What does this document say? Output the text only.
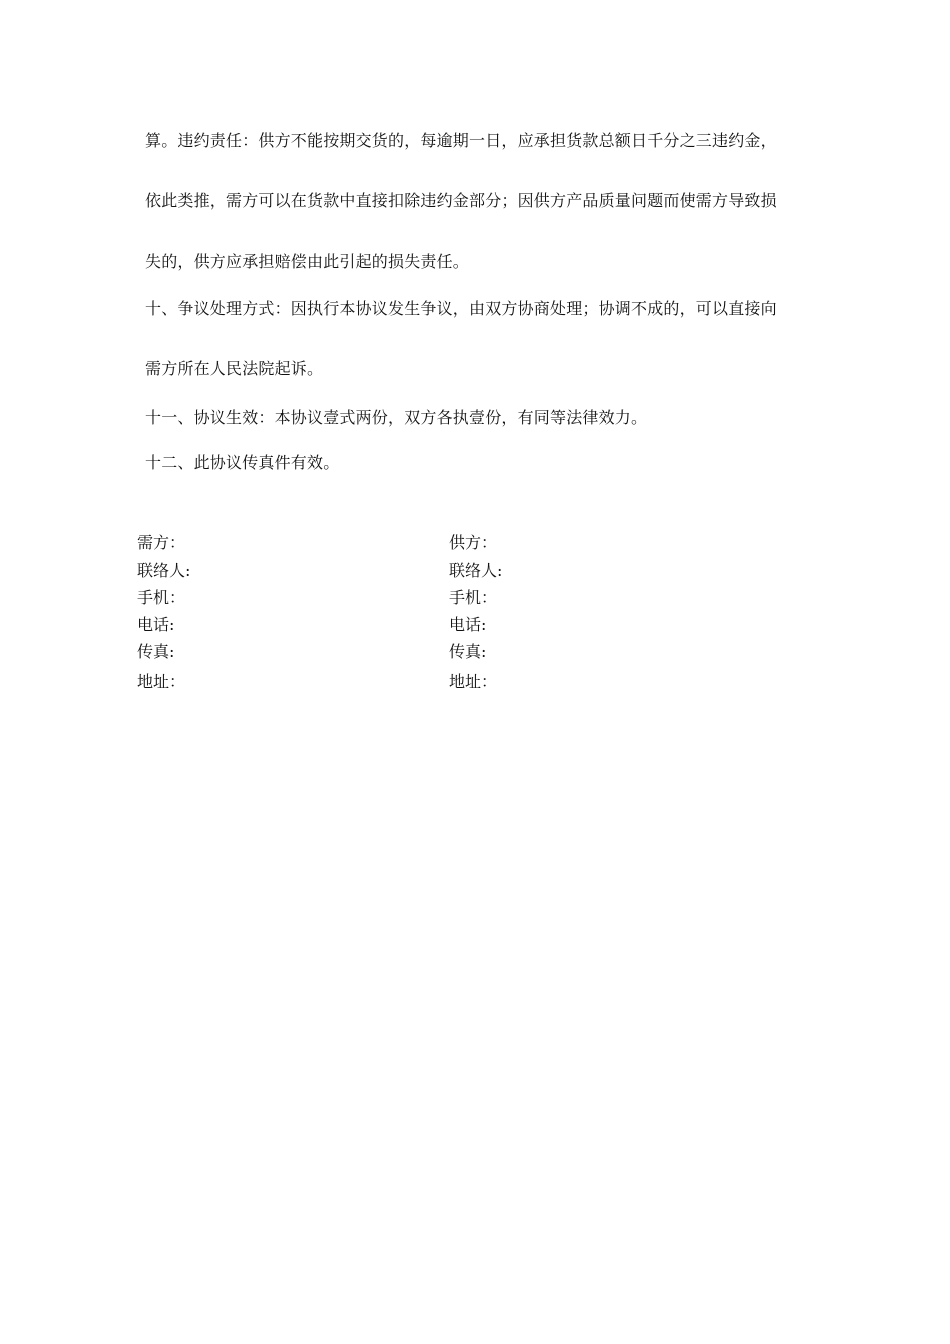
算。违约责任：供方不能按期交货的，每逾期一日，应承担货款总额日千分之三违约金，
依此类推，需方可以在货款中直接扣除违约金部分；因供方产品质量问题而使需方导致损
失的，供方应承担赔偿由此引起的损失责任。
十、争议处理方式：因执行本协议发生争议，由双方协商处理；协调不成的，可以直接向
需方所在人民法院起诉。
十一、协议生效：本协议壹式两份，双方各执壹份，有同等法律效力。
十二、此协议传真件有效。
需方：
联络人:
手机：
电话:
传真:
地址：
供方：
联络人:
手机：
电话:
传真:
地址：
